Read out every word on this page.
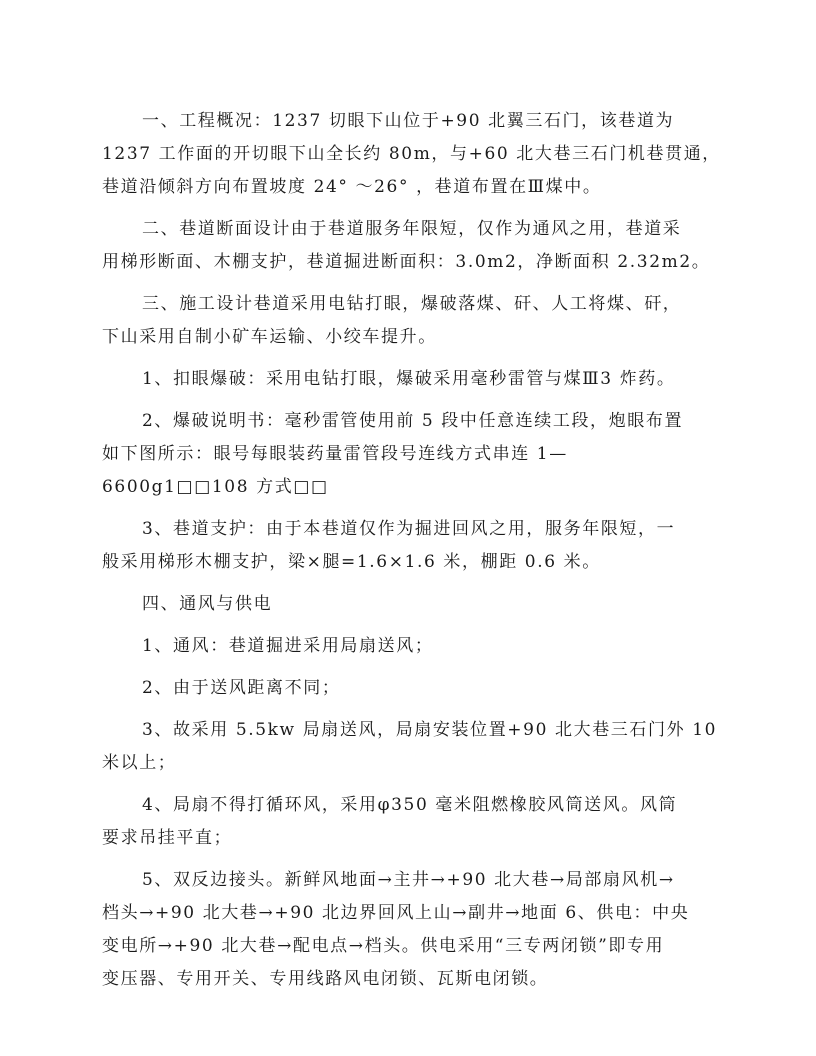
一、工程概况：1237 切眼下山位于+90 北翼三石门，该巷道为
1237 工作面的开切眼下山全长约 80m，与+60 北大巷三石门机巷贯通，
巷道沿倾斜方向布置坡度 24° ～26° ，巷道布置在Ⅲ煤中。

二、巷道断面设计由于巷道服务年限短，仅作为通风之用，巷道采
用梯形断面、木棚支护，巷道掘进断面积：3.0m2，净断面积 2.32m2。

三、施工设计巷道采用电钻打眼，爆破落煤、矸、人工将煤、矸，
下山采用自制小矿车运输、小绞车提升。

1、扣眼爆破：采用电钻打眼，爆破采用毫秒雷管与煤Ⅲ3 炸药。

2、爆破说明书：毫秒雷管使用前 5 段中任意连续工段，炮眼布置
如下图所示：眼号每眼装药量雷管段号连线方式串连 1—
6600g1□□108 方式□□

3、巷道支护：由于本巷道仅作为掘进回风之用，服务年限短，一
般采用梯形木棚支护，梁×腿=1.6×1.6 米，棚距 0.6 米。

四、通风与供电

1、通风：巷道掘进采用局扇送风；

2、由于送风距离不同；

3、故采用 5.5kw 局扇送风，局扇安装位置+90 北大巷三石门外 10
米以上；

4、局扇不得打循环风，采用φ350 毫米阻燃橡胶风筒送风。风筒
要求吊挂平直；

5、双反边接头。新鲜风地面→主井→+90 北大巷→局部扇风机→
档头→+90 北大巷→+90 北边界回风上山→副井→地面 6、供电：中央
变电所→+90 北大巷→配电点→档头。供电采用“三专两闭锁”即专用
变压器、专用开关、专用线路风电闭锁、瓦斯电闭锁。
